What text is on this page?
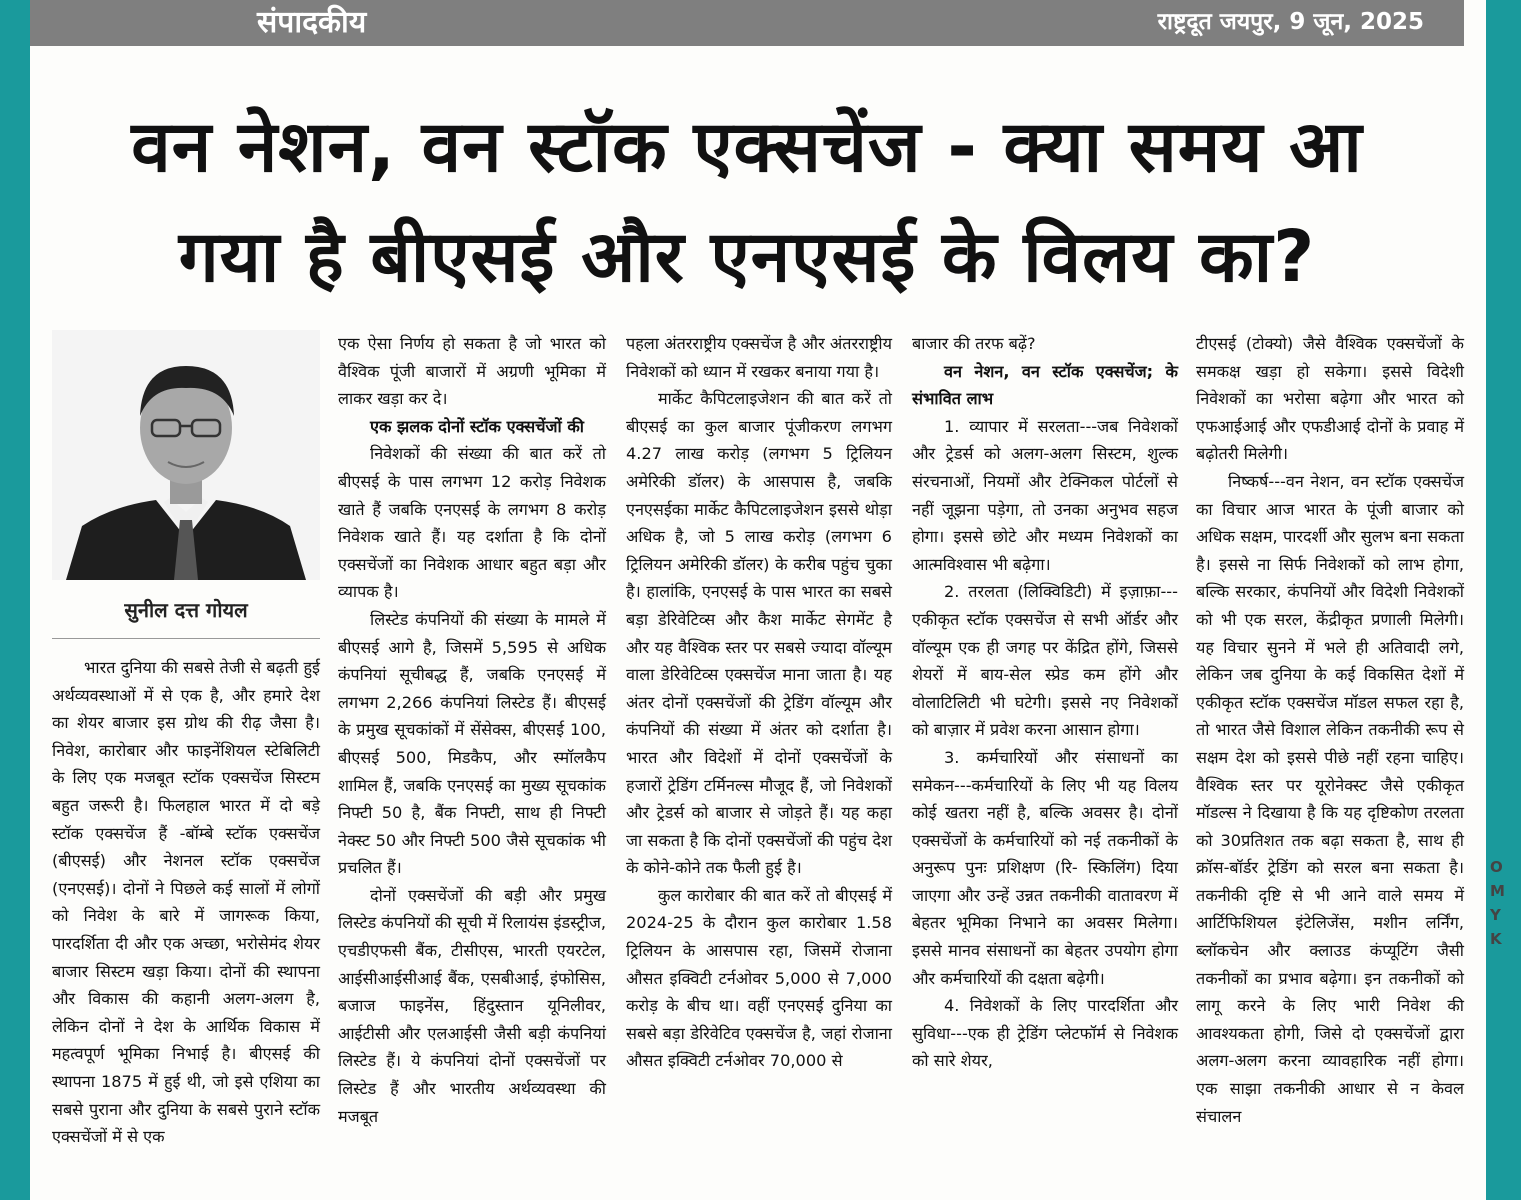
संपादकीय	राष्ट्रदूत जयपुर, 9 जून, 2025
वन नेशन, वन स्टॉक एक्सचेंज - क्या समय आ
गया है बीएसई और एनएसई के विलय का?
सुनील दत्त गोयल

भारत दुनिया की सबसे तेजी से बढ़ती हुई अर्थव्यवस्थाओं में से एक है, और हमारे देश का शेयर बाजार इस ग्रोथ की रीढ़ जैसा है। निवेश, कारोबार और फाइनेंशियल स्टेबिलिटी के लिए एक मजबूत स्टॉक एक्सचेंज सिस्टम बहुत जरूरी है। फिलहाल भारत में दो बड़े स्टॉक एक्सचेंज हैं -बॉम्बे स्टॉक एक्सचेंज (बीएसई) और नेशनल स्टॉक एक्सचेंज (एनएसई)। दोनों ने पिछले कई सालों में लोगों को निवेश के बारे में जागरूक किया, पारदर्शिता दी और एक अच्छा, भरोसेमंद शेयर बाजार सिस्टम खड़ा किया। दोनों की स्थापना और विकास की कहानी अलग-अलग है, लेकिन दोनों ने देश के आर्थिक विकास में महत्वपूर्ण भूमिका निभाई है। बीएसई की स्थापना 1875 में हुई थी, जो इसे एशिया का सबसे पुराना और दुनिया के सबसे पुराने स्टॉक एक्सचेंजों में से एक

एक ऐसा निर्णय हो सकता है जो भारत को वैश्विक पूंजी बाजारों में अग्रणी भूमिका में लाकर खड़ा कर दे।

एक झलक दोनों स्टॉक एक्सचेंजों की

निवेशकों की संख्या की बात करें तो बीएसई के पास लगभग 12 करोड़ निवेशक खाते हैं जबकि एनएसई के लगभग 8 करोड़ निवेशक खाते हैं। यह दर्शाता है कि दोनों एक्सचेंजों का निवेशक आधार बहुत बड़ा और व्यापक है।

लिस्टेड कंपनियों की संख्या के मामले में बीएसई आगे है, जिसमें 5,595 से अधिक कंपनियां सूचीबद्ध हैं, जबकि एनएसई में लगभग 2,266 कंपनियां लिस्टेड हैं। बीएसई के प्रमुख सूचकांकों में सेंसेक्स, बीएसई 100, बीएसई 500, मिडकैप, और स्मॉलकैप शामिल हैं, जबकि एनएसई का मुख्य सूचकांक निफ्टी 50 है, बैंक निफ्टी, साथ ही निफ्टी नेक्स्ट 50 और निफ्टी 500 जैसे सूचकांक भी प्रचलित हैं।

दोनों एक्सचेंजों की बड़ी और प्रमुख लिस्टेड कंपनियों की सूची में रिलायंस इंडस्ट्रीज, एचडीएफसी बैंक, टीसीएस, भारती एयरटेल, आईसीआईसीआई बैंक, एसबीआई, इंफोसिस, बजाज फाइनेंस, हिंदुस्तान यूनिलीवर, आईटीसी और एलआईसी जैसी बड़ी कंपनियां लिस्टेड हैं। ये कंपनियां दोनों एक्सचेंजों पर लिस्टेड हैं और भारतीय अर्थव्यवस्था की मजबूत

पहला अंतरराष्ट्रीय एक्सचेंज है और अंतरराष्ट्रीय निवेशकों को ध्यान में रखकर बनाया गया है।

मार्केट कैपिटलाइजेशन की बात करें तो बीएसई का कुल बाजार पूंजीकरण लगभग 4.27 लाख करोड़ (लगभग 5 ट्रिलियन अमेरिकी डॉलर) के आसपास है, जबकि एनएसईका मार्केट कैपिटलाइजेशन इससे थोड़ा अधिक है, जो 5 लाख करोड़ (लगभग 6 ट्रिलियन अमेरिकी डॉलर) के करीब पहुंच चुका है। हालांकि, एनएसई के पास भारत का सबसे बड़ा डेरिवेटिव्स और कैश मार्केट सेगमेंट है और यह वैश्विक स्तर पर सबसे ज्यादा वॉल्यूम वाला डेरिवेटिव्स एक्सचेंज माना जाता है। यह अंतर दोनों एक्सचेंजों की ट्रेडिंग वॉल्यूम और कंपनियों की संख्या में अंतर को दर्शाता है। भारत और विदेशों में दोनों एक्सचेंजों के हजारों ट्रेडिंग टर्मिनल्स मौजूद हैं, जो निवेशकों और ट्रेडर्स को बाजार से जोड़ते हैं। यह कहा जा सकता है कि दोनों एक्सचेंजों की पहुंच देश के कोने-कोने तक फैली हुई है।

कुल कारोबार की बात करें तो बीएसई में 2024-25 के दौरान कुल कारोबार 1.58 ट्रिलियन के आसपास रहा, जिसमें रोजाना औसत इक्विटी टर्नओवर 5,000 से 7,000 करोड़ के बीच था। वहीं एनएसई दुनिया का सबसे बड़ा डेरिवेटिव एक्सचेंज है, जहां रोजाना औसत इक्विटी टर्नओवर 70,000 से

बाजार की तरफ बढ़ें?

वन नेशन, वन स्टॉक एक्सचेंज; के संभावित लाभ

1. व्यापार में सरलता---जब निवेशकों और ट्रेडर्स को अलग-अलग सिस्टम, शुल्क संरचनाओं, नियमों और टेक्निकल पोर्टलों से नहीं जूझना पड़ेगा, तो उनका अनुभव सहज होगा। इससे छोटे और मध्यम निवेशकों का आत्मविश्वास भी बढ़ेगा।

2. तरलता (लिक्विडिटी) में इज़ाफ़ा---एकीकृत स्टॉक एक्सचेंज से सभी ऑर्डर और वॉल्यूम एक ही जगह पर केंद्रित होंगे, जिससे शेयरों में बाय-सेल स्प्रेड कम होंगे और वोलाटिलिटी भी घटेगी। इससे नए निवेशकों को बाज़ार में प्रवेश करना आसान होगा।

3. कर्मचारियों और संसाधनों का समेकन---कर्मचारियों के लिए भी यह विलय कोई खतरा नहीं है, बल्कि अवसर है। दोनों एक्सचेंजों के कर्मचारियों को नई तकनीकों के अनुरूप पुनः प्रशिक्षण (रि- स्किलिंग) दिया जाएगा और उन्हें उन्नत तकनीकी वातावरण में बेहतर भूमिका निभाने का अवसर मिलेगा। इससे मानव संसाधनों का बेहतर उपयोग होगा और कर्मचारियों की दक्षता बढ़ेगी।

4. निवेशकों के लिए पारदर्शिता और सुविधा---एक ही ट्रेडिंग प्लेटफॉर्म से निवेशक को सारे शेयर,

टीएसई (टोक्यो) जैसे वैश्विक एक्सचेंजों के समकक्ष खड़ा हो सकेगा। इससे विदेशी निवेशकों का भरोसा बढ़ेगा और भारत को एफआईआई और एफडीआई दोनों के प्रवाह में बढ़ोतरी मिलेगी।

निष्कर्ष---वन नेशन, वन स्टॉक एक्सचेंज का विचार आज भारत के पूंजी बाजार को अधिक सक्षम, पारदर्शी और सुलभ बना सकता है। इससे ना सिर्फ निवेशकों को लाभ होगा, बल्कि सरकार, कंपनियों और विदेशी निवेशकों को भी एक सरल, केंद्रीकृत प्रणाली मिलेगी। यह विचार सुनने में भले ही अतिवादी लगे, लेकिन जब दुनिया के कई विकसित देशों में एकीकृत स्टॉक एक्सचेंज मॉडल सफल रहा है, तो भारत जैसे विशाल लेकिन तकनीकी रूप से सक्षम देश को इससे पीछे नहीं रहना चाहिए। वैश्विक स्तर पर यूरोनेक्स्ट जैसे एकीकृत मॉडल्स ने दिखाया है कि यह दृष्टिकोण तरलता को 30प्रतिशत तक बढ़ा सकता है, साथ ही क्रॉस-बॉर्डर ट्रेडिंग को सरल बना सकता है। तकनीकी दृष्टि से भी आने वाले समय में आर्टिफिशियल इंटेलिजेंस, मशीन लर्निंग, ब्लॉकचेन और क्लाउड कंप्यूटिंग जैसी तकनीकों का प्रभाव बढ़ेगा। इन तकनीकों को लागू करने के लिए भारी निवेश की आवश्यकता होगी, जिसे दो एक्सचेंजों द्वारा अलग-अलग करना व्यावहारिक नहीं होगा। एक साझा तकनीकी आधार से न केवल संचालन

O
M
Y
K
